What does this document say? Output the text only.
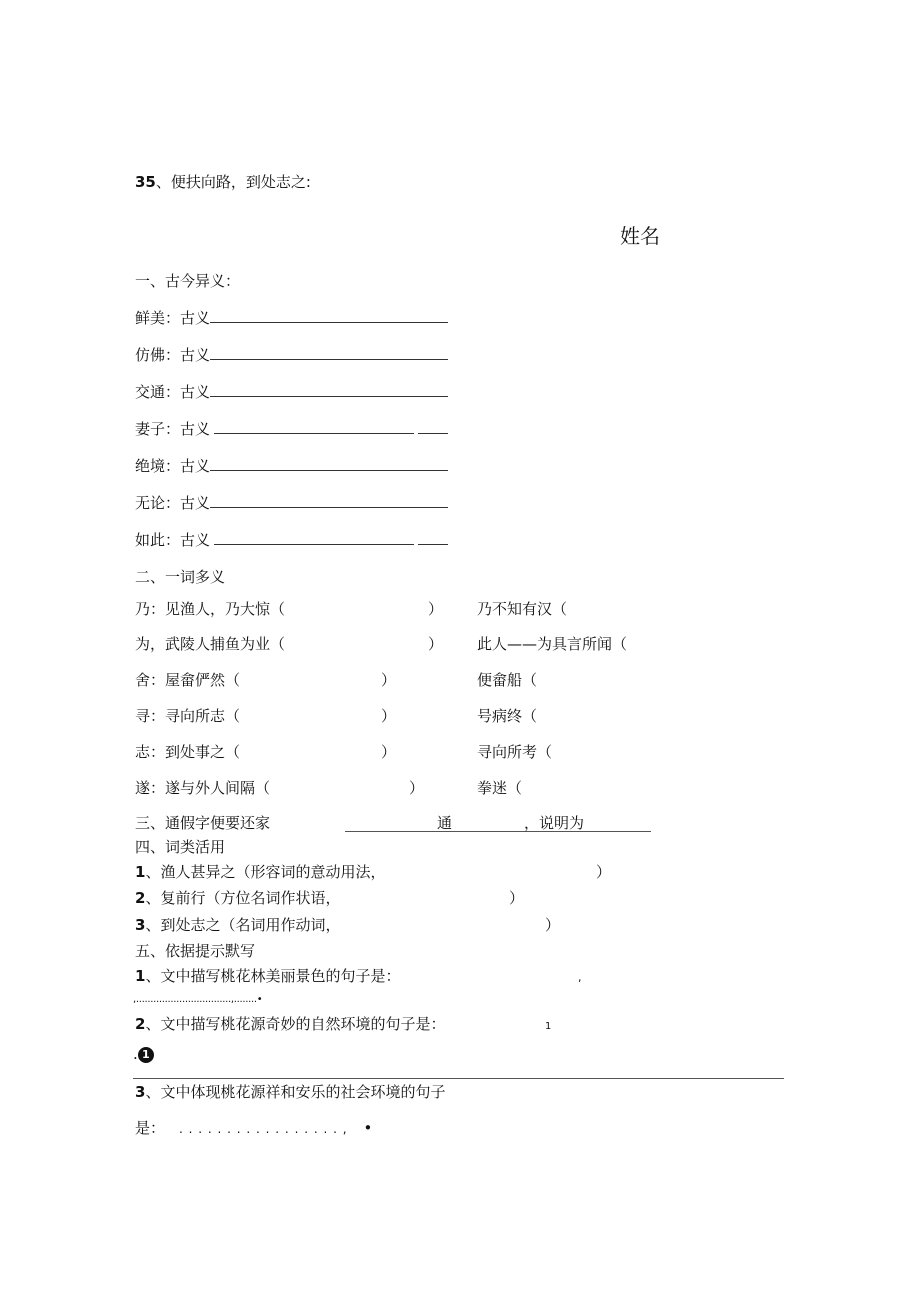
35、便扶向路，到处志之:
姓名
一、古今异义：
鲜美：古义
仿佛：古义
交通：古义
妻子：古义
绝境：古义
无论：古义
如此：古义
二、一词多义
乃：见渔人，乃大惊（	） 乃不知有汉（
为，武陵人捕鱼为业（	） 此人——为具言所闻（
舍：屋畲俨然（	）	便畲船（
寻：寻向所志（	）	号病终（
志：到处事之（	）	寻向所考（
遂：遂与外人间隔（	）	拳迷（
三、通假字便要还家	通	，说明为
四、词类活用
1、渔人甚异之（形容词的意动用法，	）
2、复前行（方位名词作状语，	）
3、到处志之（名词用作动词，	）
五、依据提示默写
1、文中描写桃花林美丽景色的句子是：	,
,.................................,........•
2、文中描写桃花源奇妙的自然环境的句子是：	1
. 1
3、文中体现桃花源祥和安乐的社会环境的句子
是： . . . . . . . . . . . . . . . . . , •
